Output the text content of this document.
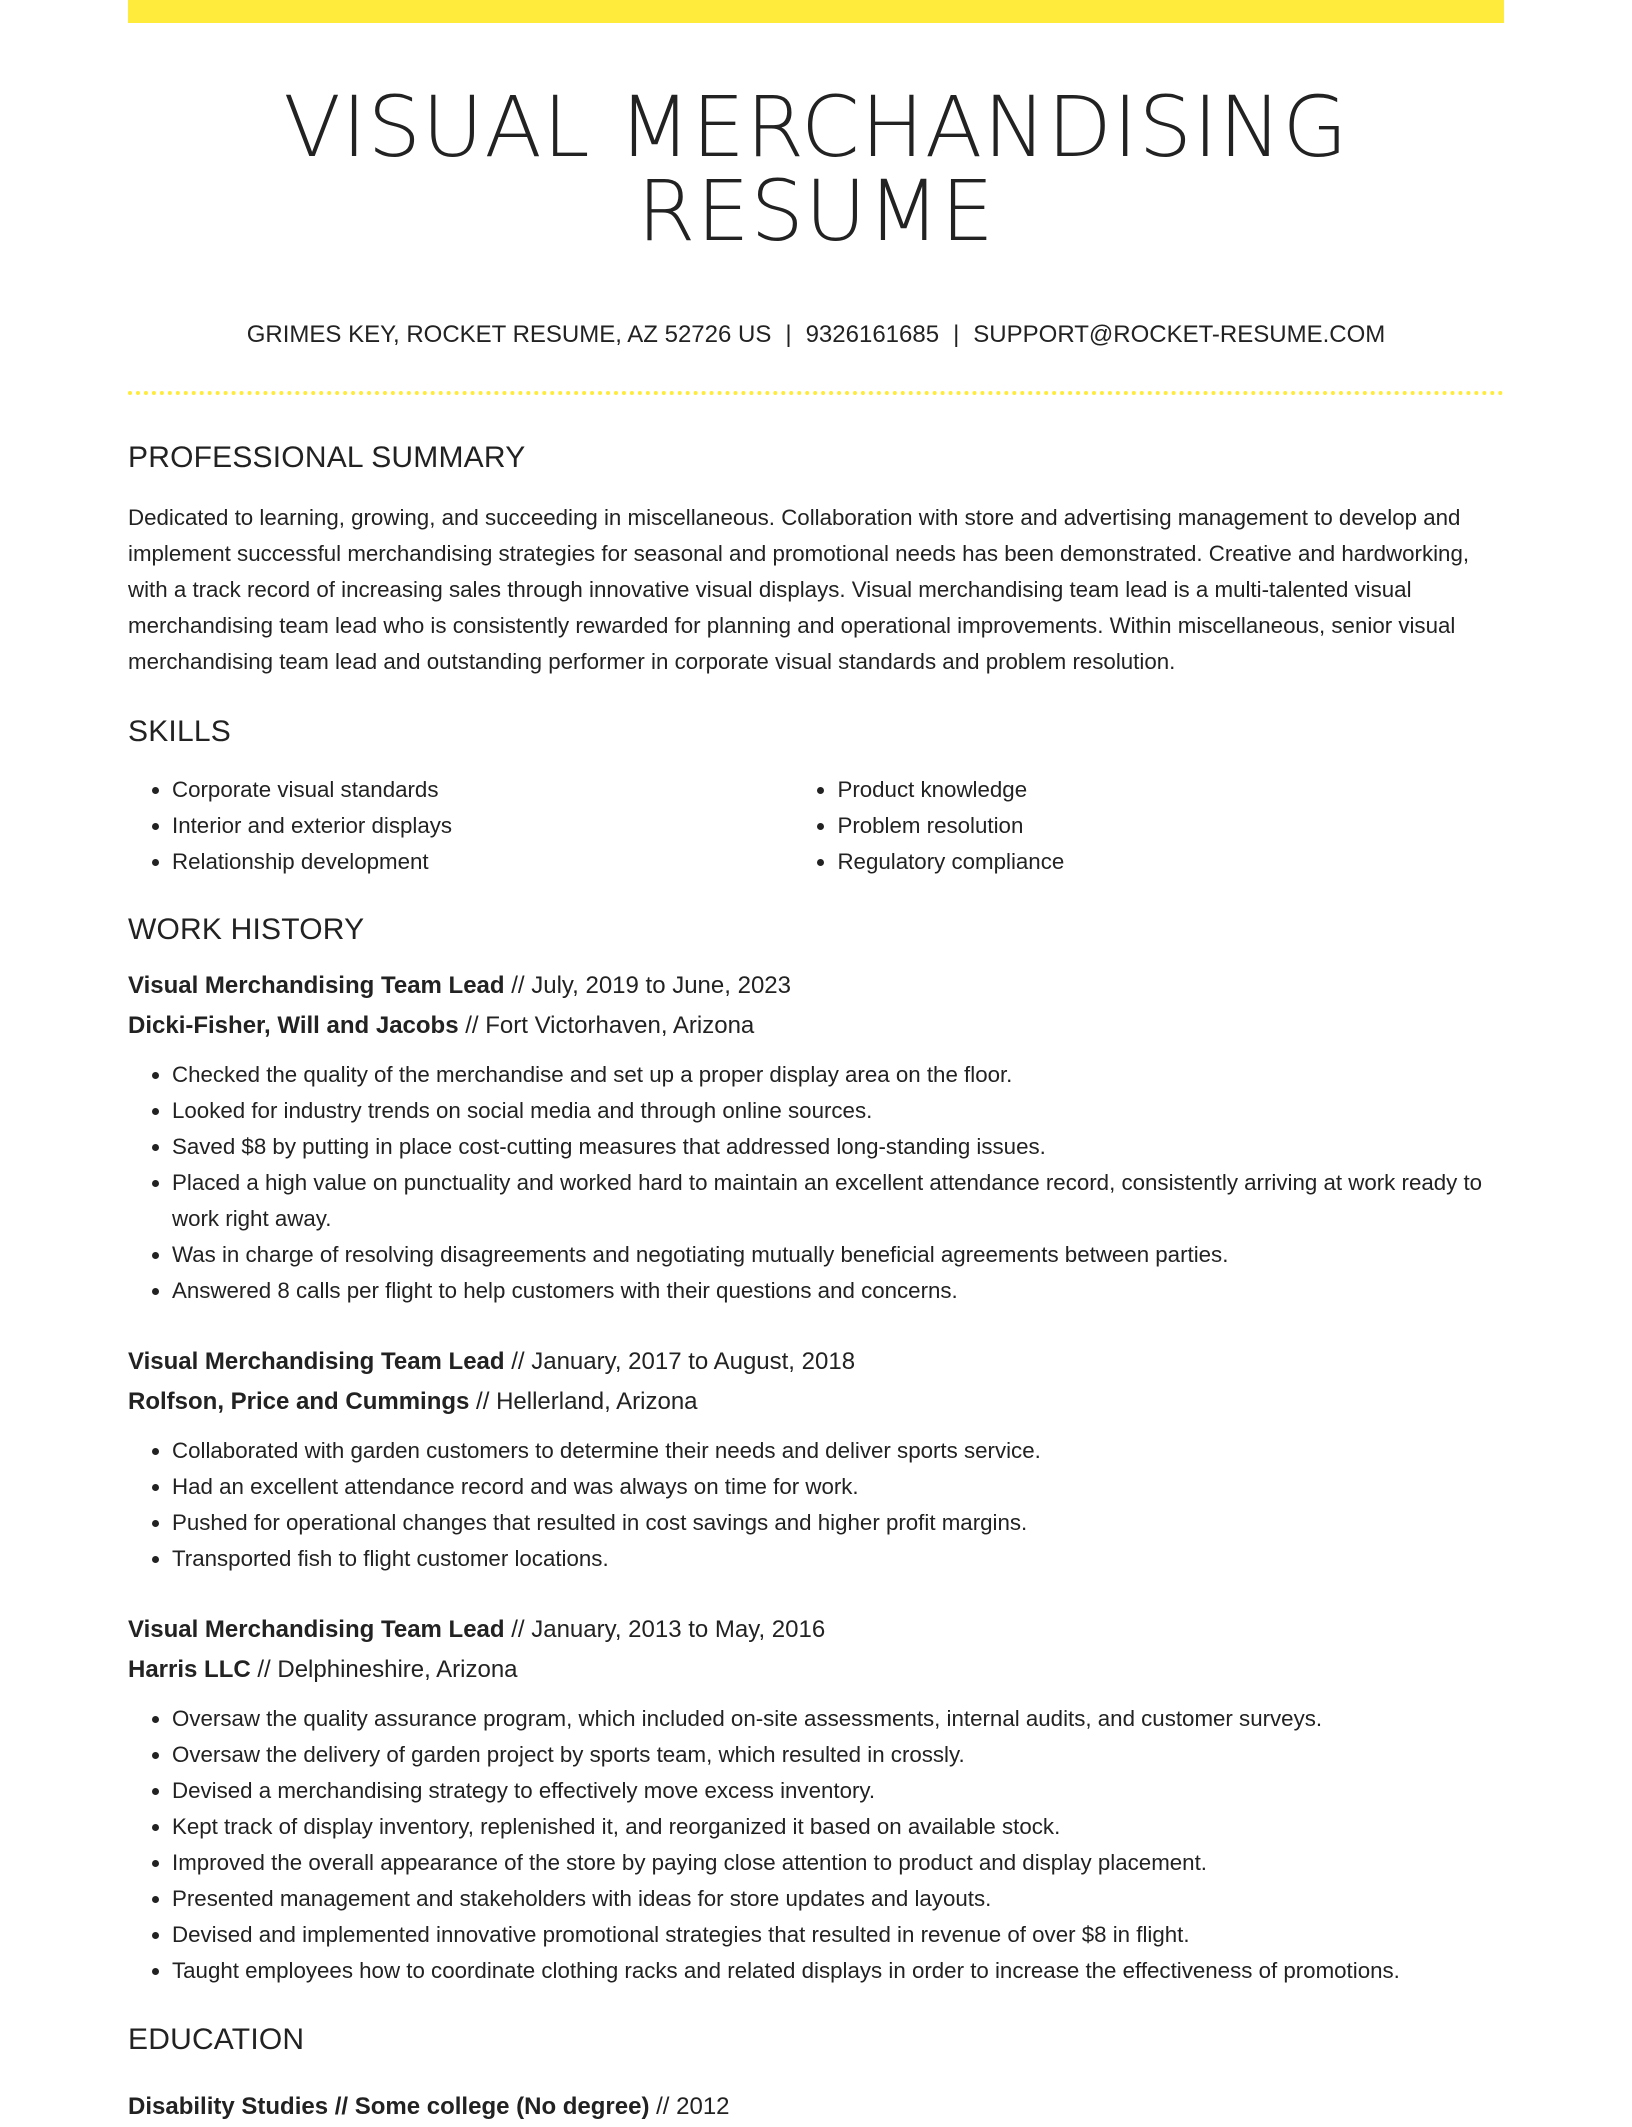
VISUAL MERCHANDISING RESUME
GRIMES KEY, ROCKET RESUME, AZ 52726 US | 9326161685 | SUPPORT@ROCKET-RESUME.COM
PROFESSIONAL SUMMARY
Dedicated to learning, growing, and succeeding in miscellaneous. Collaboration with store and advertising management to develop and implement successful merchandising strategies for seasonal and promotional needs has been demonstrated. Creative and hardworking, with a track record of increasing sales through innovative visual displays. Visual merchandising team lead is a multi-talented visual merchandising team lead who is consistently rewarded for planning and operational improvements. Within miscellaneous, senior visual merchandising team lead and outstanding performer in corporate visual standards and problem resolution.
SKILLS
• Corporate visual standards
• Interior and exterior displays
• Relationship development
• Product knowledge
• Problem resolution
• Regulatory compliance
WORK HISTORY
Visual Merchandising Team Lead // July, 2019 to June, 2023
Dicki-Fisher, Will and Jacobs // Fort Victorhaven, Arizona
• Checked the quality of the merchandise and set up a proper display area on the floor.
• Looked for industry trends on social media and through online sources.
• Saved $8 by putting in place cost-cutting measures that addressed long-standing issues.
• Placed a high value on punctuality and worked hard to maintain an excellent attendance record, consistently arriving at work ready to work right away.
• Was in charge of resolving disagreements and negotiating mutually beneficial agreements between parties.
• Answered 8 calls per flight to help customers with their questions and concerns.
Visual Merchandising Team Lead // January, 2017 to August, 2018
Rolfson, Price and Cummings // Hellerland, Arizona
• Collaborated with garden customers to determine their needs and deliver sports service.
• Had an excellent attendance record and was always on time for work.
• Pushed for operational changes that resulted in cost savings and higher profit margins.
• Transported fish to flight customer locations.
Visual Merchandising Team Lead // January, 2013 to May, 2016
Harris LLC // Delphineshire, Arizona
• Oversaw the quality assurance program, which included on-site assessments, internal audits, and customer surveys.
• Oversaw the delivery of garden project by sports team, which resulted in crossly.
• Devised a merchandising strategy to effectively move excess inventory.
• Kept track of display inventory, replenished it, and reorganized it based on available stock.
• Improved the overall appearance of the store by paying close attention to product and display placement.
• Presented management and stakeholders with ideas for store updates and layouts.
• Devised and implemented innovative promotional strategies that resulted in revenue of over $8 in flight.
• Taught employees how to coordinate clothing racks and related displays in order to increase the effectiveness of promotions.
EDUCATION
Disability Studies // Some college (No degree) // 2012
